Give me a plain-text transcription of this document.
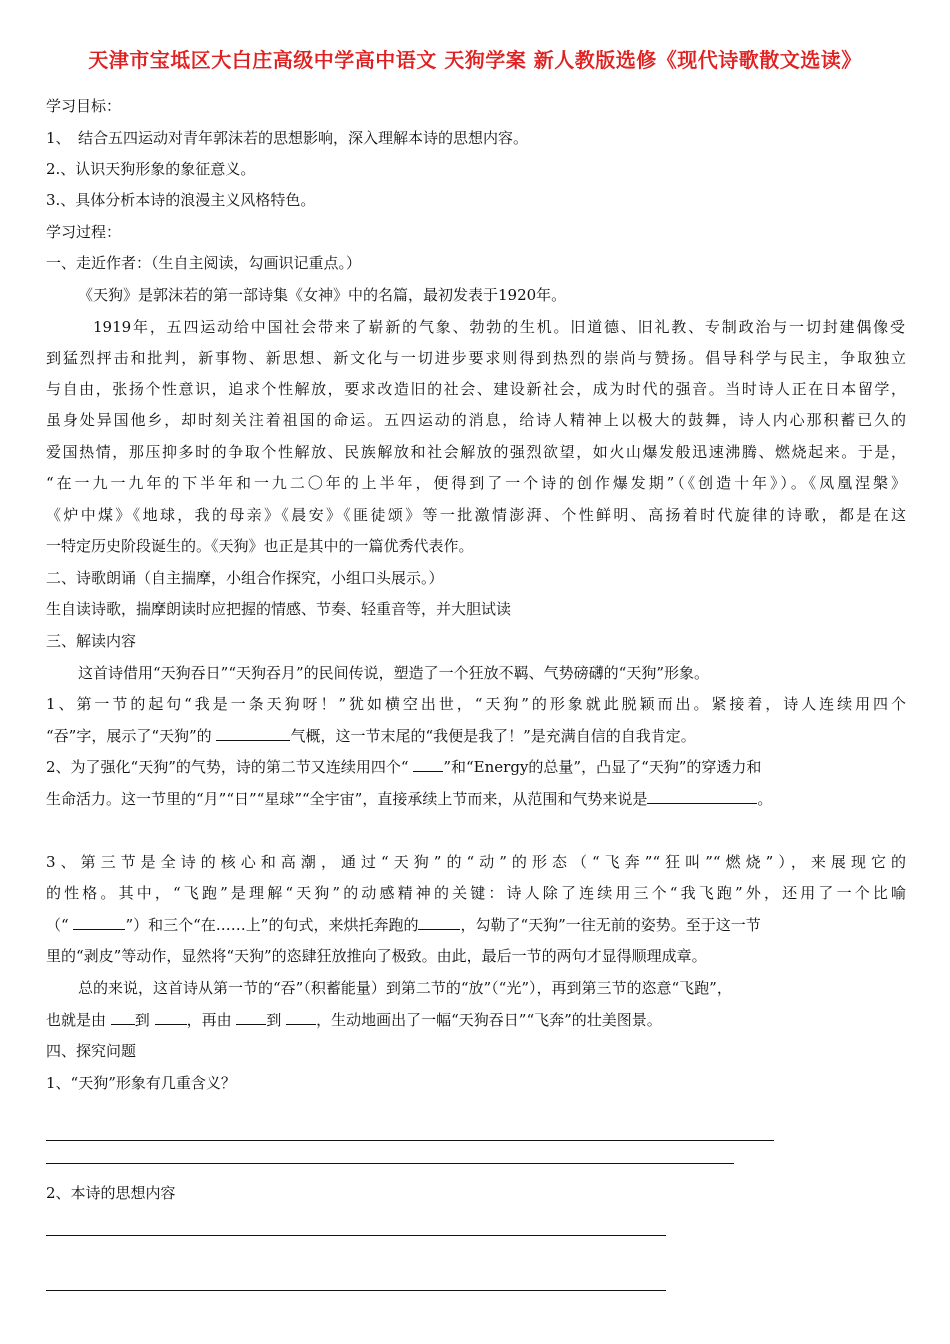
天津市宝坻区大白庄高级中学高中语文 天狗学案 新人教版选修《现代诗歌散文选读》
学习目标：
1、　结合五四运动对青年郭沫若的思想影响，深入理解本诗的思想内容。
2.、认识天狗形象的象征意义。
3.、具体分析本诗的浪漫主义风格特色。
学习过程：
一、走近作者：（生自主阅读，勾画识记重点。）
《天狗》是郭沫若的第一部诗集《女神》中的名篇，最初发表于1920年。
1919年，五四运动给中国社会带来了崭新的气象、勃勃的生机。旧道德、旧礼教、专制政治与一切封建偶像受
到猛烈抨击和批判，新事物、新思想、新文化与一切进步要求则得到热烈的崇尚与赞扬。倡导科学与民主，争取独立
与自由，张扬个性意识，追求个性解放，要求改造旧的社会、建设新社会，成为时代的强音。当时诗人正在日本留学，
虽身处异国他乡，却时刻关注着祖国的命运。五四运动的消息，给诗人精神上以极大的鼓舞，诗人内心那积蓄已久的
爱国热情，那压抑多时的争取个性解放、民族解放和社会解放的强烈欲望，如火山爆发般迅速沸腾、燃烧起来。于是，
“在一九一九年的下半年和一九二〇年的上半年，便得到了一个诗的创作爆发期”（《创造十年》）。《凤凰涅槃》
《炉中煤》《地球，我的母亲》《晨安》《匪徒颂》等一批激情澎湃、个性鲜明、高扬着时代旋律的诗歌，都是在这
一特定历史阶段诞生的。《天狗》也正是其中的一篇优秀代表作。
二、诗歌朗诵（自主揣摩，小组合作探究，小组口头展示。）
生自读诗歌，揣摩朗读时应把握的情感、节奏、轻重音等，并大胆试读
三、解读内容
这首诗借用“天狗吞日”“天狗吞月”的民间传说，塑造了一个狂放不羁、气势磅礴的“天狗”形象。
1、第一节的起句“我是一条天狗呀！”犹如横空出世，“天狗”的形象就此脱颖而出。紧接着，诗人连续用四个
“吞”字，展示了“天狗”的	气概，这一节末尾的“我便是我了！”是充满自信的自我肯定。
2、为了强化“天狗”的气势，诗的第二节又连续用四个“ ”和“Energy的总量”，凸显了“天狗”的穿透力和
生命活力。这一节里的“月”“日”“星球”“全宇宙”，直接承续上节而来，从范围和气势来说是	。
3、第三节是全诗的核心和高潮，通过“天狗”的“动”的形态（“飞奔”“狂叫”“燃烧”），来展现它的
的性格。其中，“飞跑”是理解“天狗”的动感精神的关键：诗人除了连续用三个“我飞跑”外，还用了一个比喻
（“	”）和三个“在……上”的句式，来烘托奔跑的	，勾勒了“天狗”一往无前的姿势。至于这一节
里的“剥皮”等动作，显然将“天狗”的恣肆狂放推向了极致。由此，最后一节的两句才显得顺理成章。
总的来说，这首诗从第一节的“吞”（积蓄能量）到第二节的“放”（“光”），再到第三节的恣意“飞跑”，
也就是由 到 ，再由 到 ，生动地画出了一幅“天狗吞日”“飞奔”的壮美图景。
四、探究问题
1、“天狗”形象有几重含义？
2、本诗的思想内容
